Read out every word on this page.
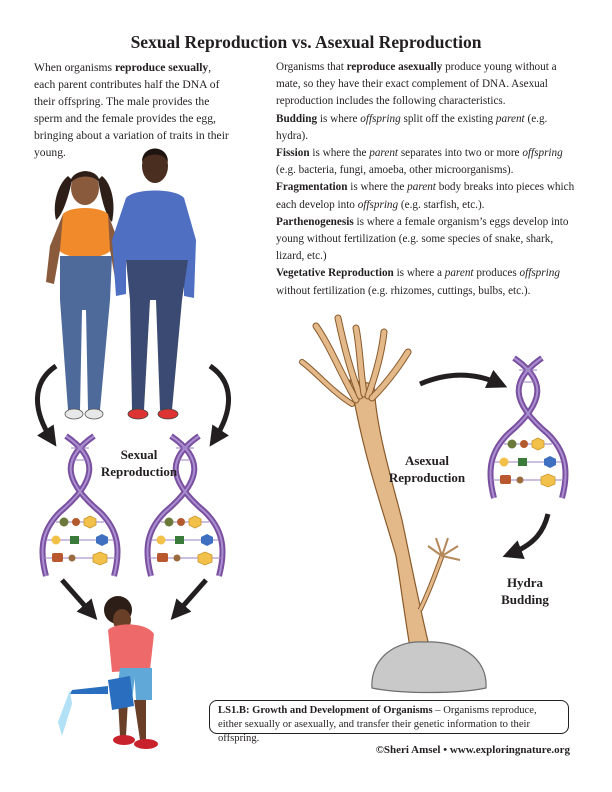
Sexual Reproduction vs. Asexual Reproduction
When organisms reproduce sexually, each parent contributes half the DNA of their offspring. The male provides the sperm and the female provides the egg, bringing about a variation of traits in their young.

Organisms that reproduce asexually produce young without a mate, so they have their exact complement of DNA. Asexual reproduction includes the following characteristics.

Budding is where offspring split off the existing parent (e.g. hydra).

Fission is where the parent separates into two or more offspring (e.g. bacteria, fungi, amoeba, other microorganisms).

Fragmentation is where the parent body breaks into pieces which each develop into offspring (e.g. starfish, etc.).

Parthenogenesis is where a female organism’s eggs develop into young without fertilization (e.g. some species of snake, shark, lizard, etc.)

Vegetative Reproduction is where a parent produces offspring without fertilization (e.g. rhizomes, cuttings, bulbs, etc.).

Sexual
Reproduction
Asexual
Reproduction
Hydra
Budding
LS1.B: Growth and Development of Organisms – Organisms reproduce, either sexually or asexually, and transfer their genetic information to their offspring.
©Sheri Amsel • www.exploringnature.org
